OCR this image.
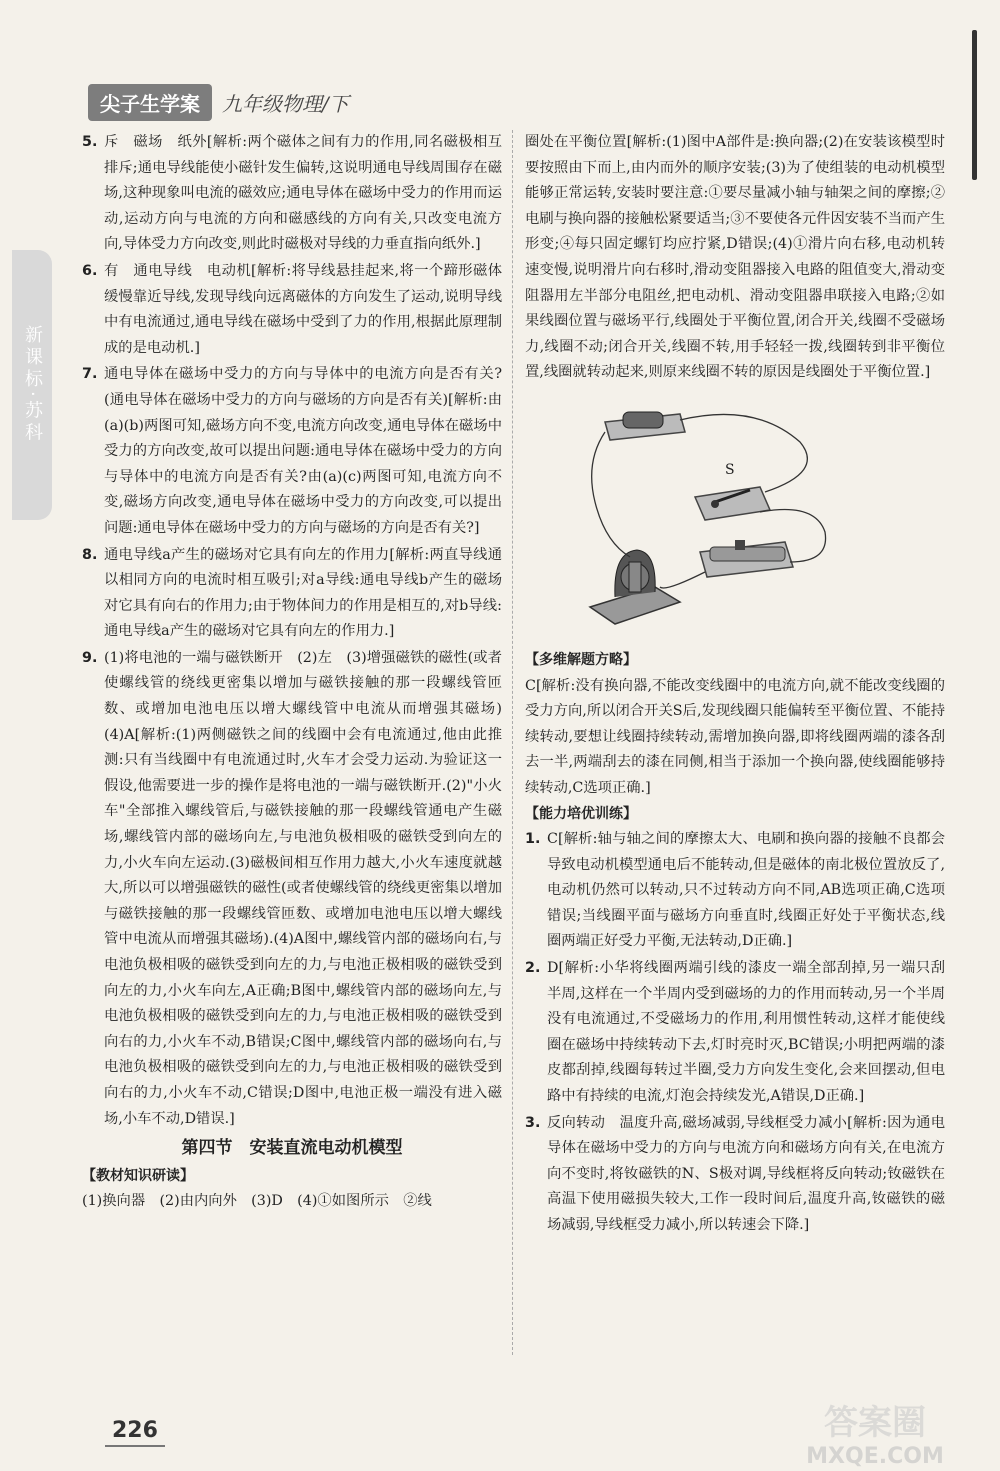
尖子生学案	九年级物理/下
新课标·苏科
5. 斥　磁场　纸外[解析:两个磁体之间有力的作用,同名磁极相互排斥;通电导线能使小磁针发生偏转,这说明通电导线周围存在磁场,这种现象叫电流的磁效应;通电导体在磁场中受力的作用而运动,运动方向与电流的方向和磁感线的方向有关,只改变电流方向,导体受力方向改变,则此时磁极对导线的力垂直指向纸外.]
6. 有　通电导线　电动机[解析:将导线悬挂起来,将一个蹄形磁体缓慢靠近导线,发现导线向远离磁体的方向发生了运动,说明导线中有电流通过,通电导线在磁场中受到了力的作用,根据此原理制成的是电动机.]
7. 通电导体在磁场中受力的方向与导体中的电流方向是否有关?(通电导体在磁场中受力的方向与磁场的方向是否有关)[解析:由(a)(b)两图可知,磁场方向不变,电流方向改变,通电导体在磁场中受力的方向改变,故可以提出问题:通电导体在磁场中受力的方向与导体中的电流方向是否有关?由(a)(c)两图可知,电流方向不变,磁场方向改变,通电导体在磁场中受力的方向改变,可以提出问题:通电导体在磁场中受力的方向与磁场的方向是否有关?]
8. 通电导线a产生的磁场对它具有向左的作用力[解析:两直导线通以相同方向的电流时相互吸引;对a导线:通电导线b产生的磁场对它具有向右的作用力;由于物体间力的作用是相互的,对b导线:通电导线a产生的磁场对它具有向左的作用力.]
9. (1)将电池的一端与磁铁断开　(2)左　(3)增强磁铁的磁性(或者使螺线管的绕线更密集以增加与磁铁接触的那一段螺线管匝数、或增加电池电压以增大螺线管中电流从而增强其磁场)　(4)A[解析:(1)两侧磁铁之间的线圈中会有电流通过,他由此推测:只有当线圈中有电流通过时,火车才会受力运动.为验证这一假设,他需要进一步的操作是将电池的一端与磁铁断开.(2)"小火车"全部推入螺线管后,与磁铁接触的那一段螺线管通电产生磁场,螺线管内部的磁场向左,与电池负极相吸的磁铁受到向左的力,小火车向左运动.(3)磁极间相互作用力越大,小火车速度就越大,所以可以增强磁铁的磁性(或者使螺线管的绕线更密集以增加与磁铁接触的那一段螺线管匝数、或增加电池电压以增大螺线管中电流从而增强其磁场).(4)A图中,螺线管内部的磁场向右,与电池负极相吸的磁铁受到向左的力,与电池正极相吸的磁铁受到向左的力,小火车向左,A正确;B图中,螺线管内部的磁场向左,与电池负极相吸的磁铁受到向左的力,与电池正极相吸的磁铁受到向右的力,小火车不动,B错误;C图中,螺线管内部的磁场向右,与电池负极相吸的磁铁受到向左的力,与电池正极相吸的磁铁受到向右的力,小火车不动,C错误;D图中,电池正极一端没有进入磁场,小车不动,D错误.]
第四节　安装直流电动机模型
【教材知识研读】
(1)换向器　(2)由内向外　(3)D　(4)①如图所示　②线
圈处在平衡位置[解析:(1)图中A部件是:换向器;(2)在安装该模型时要按照由下而上,由内而外的顺序安装;(3)为了使组装的电动机模型能够正常运转,安装时要注意:①要尽量减小轴与轴架之间的摩擦;②电刷与换向器的接触松紧要适当;③不要使各元件因安装不当而产生形变;④每只固定螺钉均应拧紧,D错误;(4)①滑片向右移,电动机转速变慢,说明滑片向右移时,滑动变阻器接入电路的阻值变大,滑动变阻器用左半部分电阻丝,把电动机、滑动变阻器串联接入电路;②如果线圈位置与磁场平行,线圈处于平衡位置,闭合开关,线圈不受磁场力,线圈不动;闭合开关,线圈不转,用手轻轻一拨,线圈转到非平衡位置,线圈就转动起来,则原来线圈不转的原因是线圈处于平衡位置.]
S
【多维解题方略】
C[解析:没有换向器,不能改变线圈中的电流方向,就不能改变线圈的受力方向,所以闭合开关S后,发现线圈只能偏转至平衡位置、不能持续转动,要想让线圈持续转动,需增加换向器,即将线圈两端的漆各刮去一半,两端刮去的漆在同侧,相当于添加一个换向器,使线圈能够持续转动,C选项正确.]
【能力培优训练】
1. C[解析:轴与轴之间的摩擦太大、电刷和换向器的接触不良都会导致电动机模型通电后不能转动,但是磁体的南北极位置放反了,电动机仍然可以转动,只不过转动方向不同,AB选项正确,C选项错误;当线圈平面与磁场方向垂直时,线圈正好处于平衡状态,线圈两端正好受力平衡,无法转动,D正确.]
2. D[解析:小华将线圈两端引线的漆皮一端全部刮掉,另一端只刮半周,这样在一个半周内受到磁场的力的作用而转动,另一个半周没有电流通过,不受磁场力的作用,利用惯性转动,这样才能使线圈在磁场中持续转动下去,灯时亮时灭,BC错误;小明把两端的漆皮都刮掉,线圈每转过半圈,受力方向发生变化,会来回摆动,但电路中有持续的电流,灯泡会持续发光,A错误,D正确.]
3. 反向转动　温度升高,磁场减弱,导线框受力减小[解析:因为通电导体在磁场中受力的方向与电流方向和磁场方向有关,在电流方向不变时,将钕磁铁的N、S极对调,导线框将反向转动;钕磁铁在高温下使用磁损失较大,工作一段时间后,温度升高,钕磁铁的磁场减弱,导线框受力减小,所以转速会下降.]
226	答案圈
MXQE.COM
